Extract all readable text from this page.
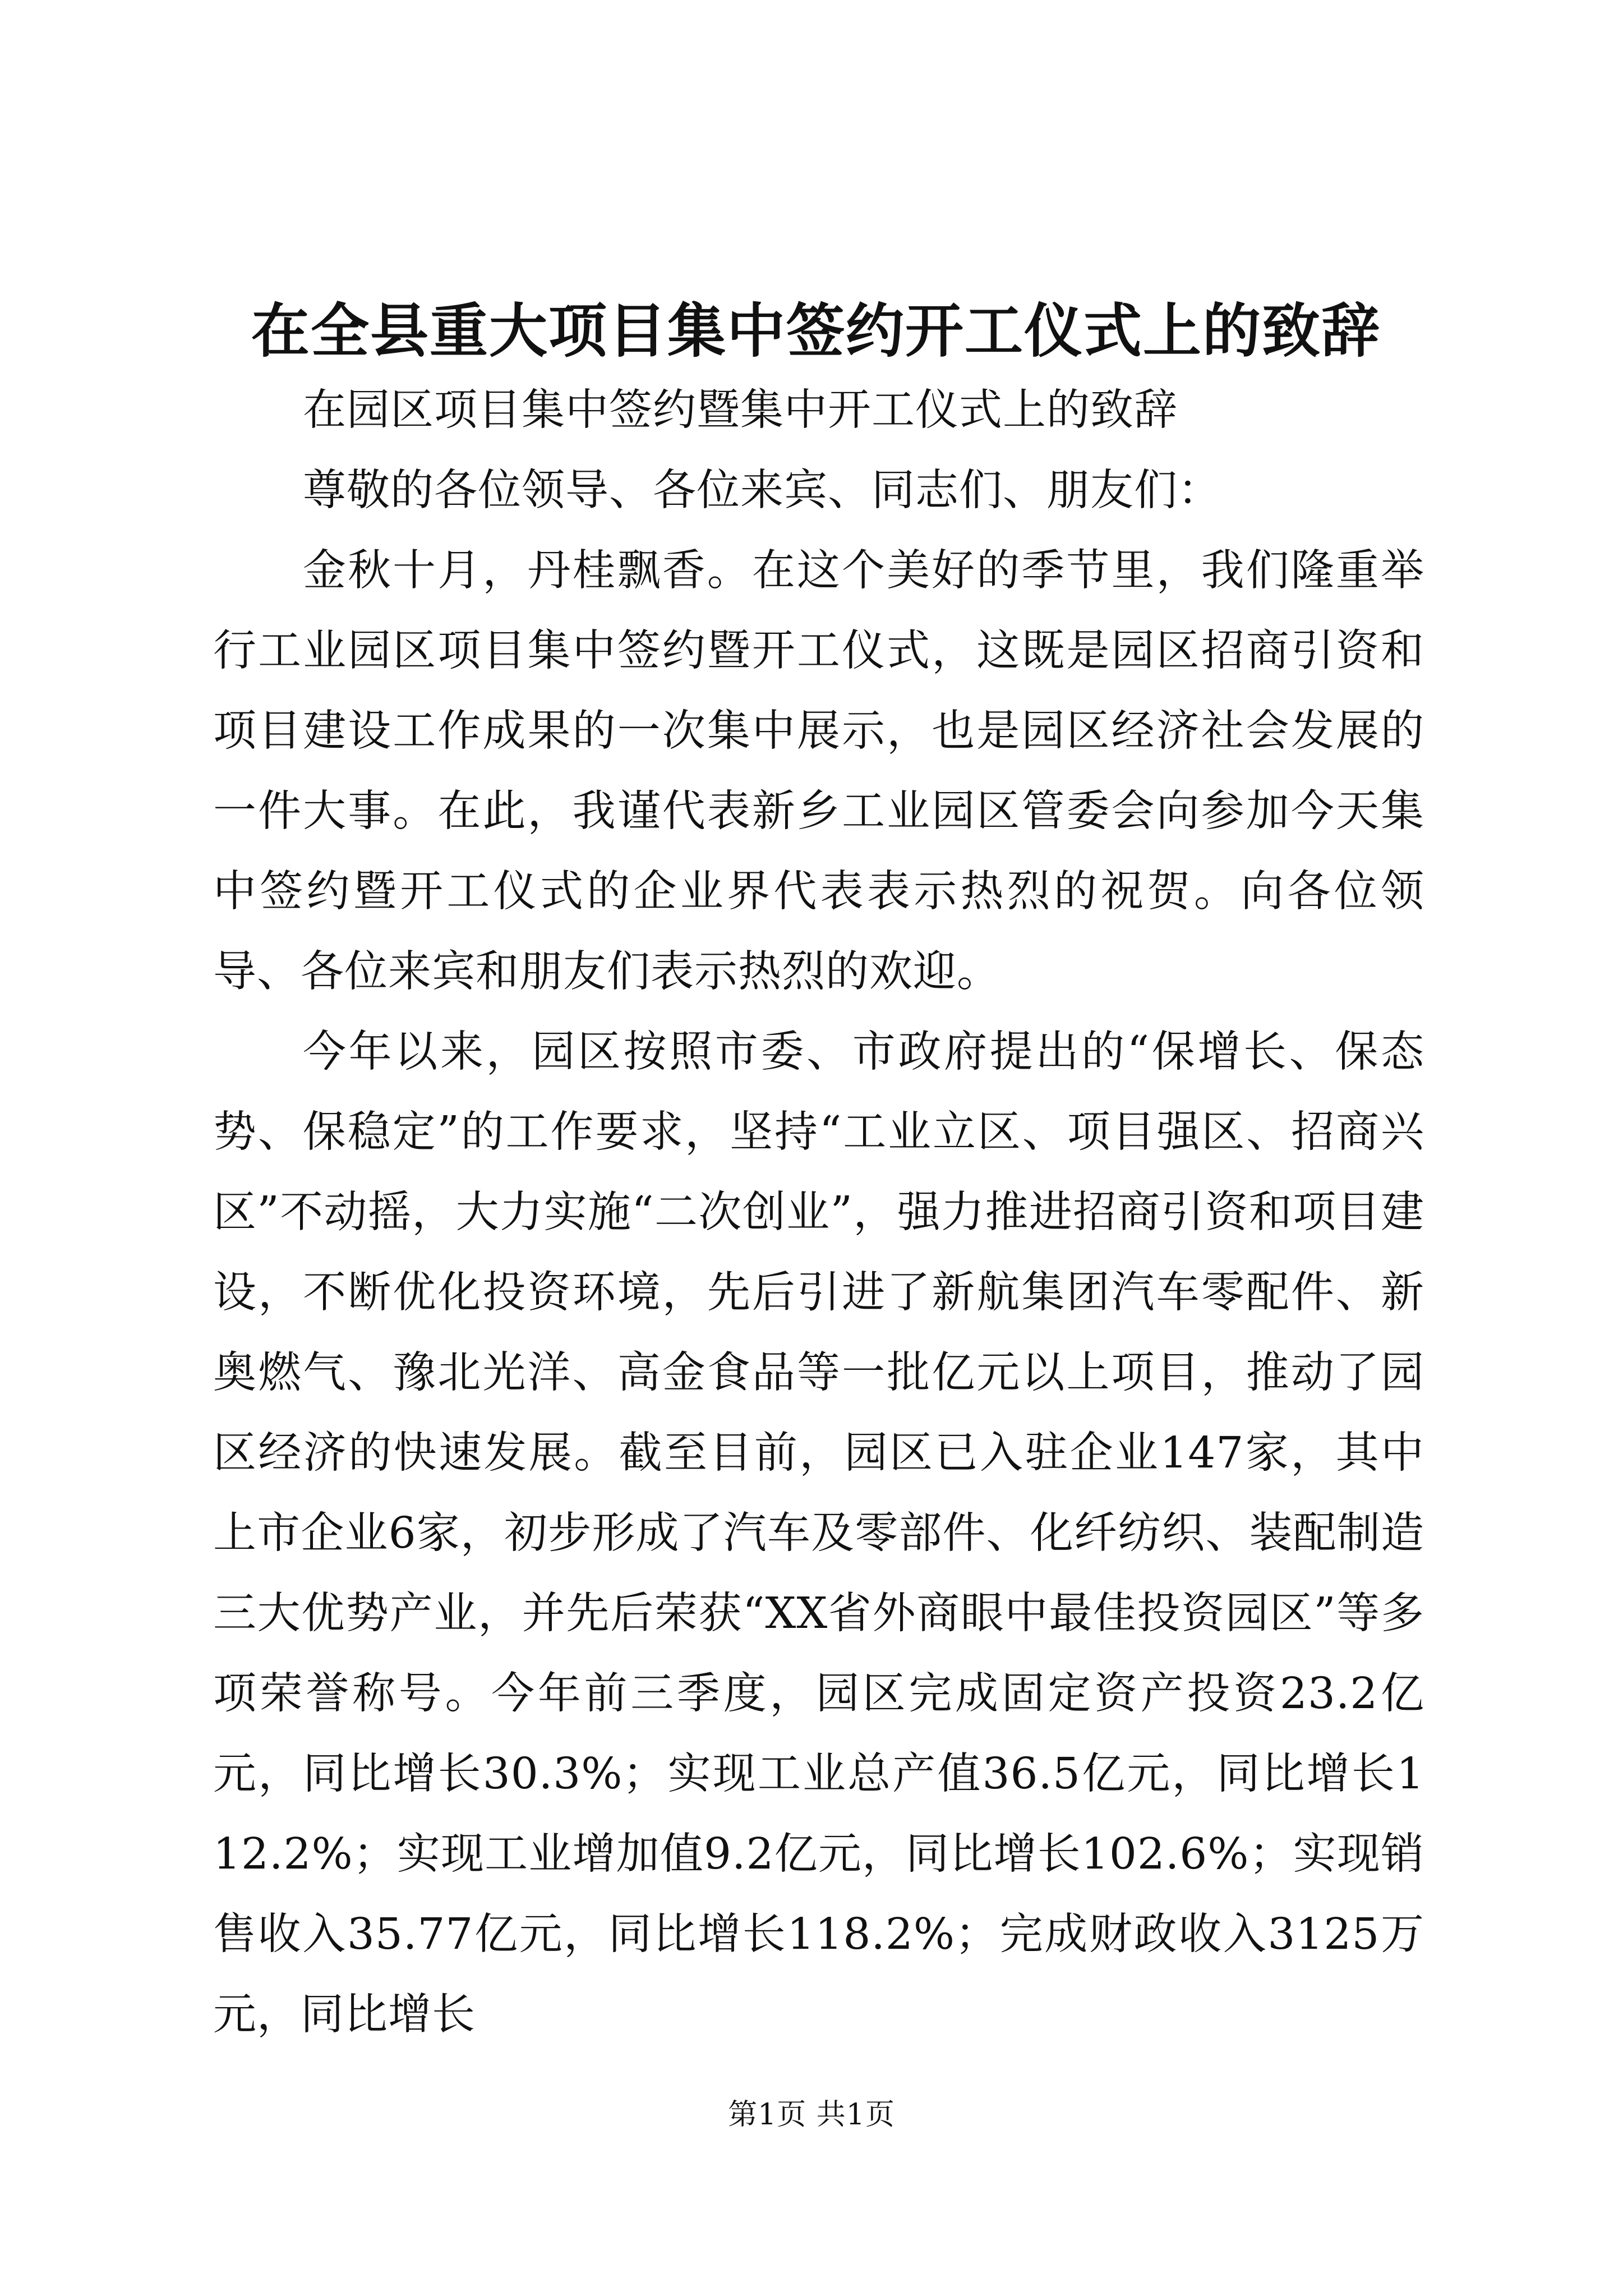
在全县重大项目集中签约开工仪式上的致辞

在园区项目集中签约暨集中开工仪式上的致辞

尊敬的各位领导、各位来宾、同志们、朋友们：

金秋十月，丹桂飘香。在这个美好的季节里，我们隆重举行工业园区项目集中签约暨开工仪式，这既是园区招商引资和项目建设工作成果的一次集中展示，也是园区经济社会发展的一件大事。在此，我谨代表新乡工业园区管委会向参加今天集中签约暨开工仪式的企业界代表表示热烈的祝贺。向各位领导、各位来宾和朋友们表示热烈的欢迎。

今年以来，园区按照市委、市政府提出的“保增长、保态势、保稳定”的工作要求，坚持“工业立区、项目强区、招商兴区”不动摇，大力实施“二次创业”，强力推进招商引资和项目建设，不断优化投资环境，先后引进了新航集团汽车零配件、新奥燃气、豫北光洋、高金食品等一批亿元以上项目，推动了园区经济的快速发展。截至目前，园区已入驻企业147家，其中上市企业6家，初步形成了汽车及零部件、化纤纺织、装配制造三大优势产业，并先后荣获“XX省外商眼中最佳投资园区”等多项荣誉称号。今年前三季度，园区完成固定资产投资23.2亿元，同比增长30.3%；实现工业总产值36.5亿元，同比增长112.2%；实现工业增加值9.2亿元，同比增长102.6%；实现销售收入35.77亿元，同比增长118.2%；完成财政收入3125万元，同比增长

第1页 共1页
